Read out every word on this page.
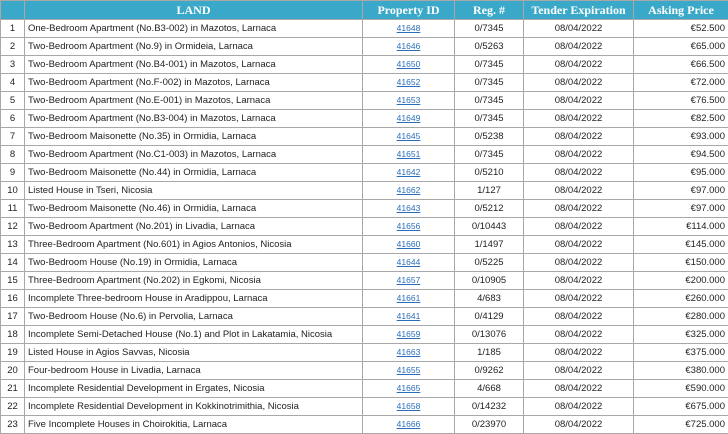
	LAND	Property ID	Reg. #	Tender Expiration	Asking Price
1	One-Bedroom Apartment (No.B3-002) in Mazotos, Larnaca	41648	0/7345	08/04/2022	€52.500
2	Two-Bedroom Apartment (No.9) in Ormideia, Larnaca	41646	0/5263	08/04/2022	€65.000
3	Two-Bedroom Apartment (No.B4-001) in Mazotos, Larnaca	41650	0/7345	08/04/2022	€66.500
4	Two-Bedroom Apartment (No.F-002) in Mazotos, Larnaca	41652	0/7345	08/04/2022	€72.000
5	Two-Bedroom Apartment (No.E-001) in Mazotos, Larnaca	41653	0/7345	08/04/2022	€76.500
6	Two-Bedroom Apartment (No.B3-004) in Mazotos, Larnaca	41649	0/7345	08/04/2022	€82.500
7	Two-Bedroom Maisonette (No.35) in Ormidia, Larnaca	41645	0/5238	08/04/2022	€93.000
8	Two-Bedroom Apartment (No.C1-003) in Mazotos, Larnaca	41651	0/7345	08/04/2022	€94.500
9	Two-Bedroom Maisonette (No.44) in Ormidia, Larnaca	41642	0/5210	08/04/2022	€95.000
10	Listed House in Tseri, Nicosia	41662	1/127	08/04/2022	€97.000
11	Two-Bedroom Maisonette (No.46) in Ormidia, Larnaca	41643	0/5212	08/04/2022	€97.000
12	Two-Bedroom Apartment (No.201) in Livadia, Larnaca	41656	0/10443	08/04/2022	€114.000
13	Three-Bedroom Apartment (No.601) in Agios Antonios, Nicosia	41660	1/1497	08/04/2022	€145.000
14	Two-Bedroom House (No.19) in Ormidia, Larnaca	41644	0/5225	08/04/2022	€150.000
15	Three-Bedroom Apartment (No.202) in Egkomi, Nicosia	41657	0/10905	08/04/2022	€200.000
16	Incomplete Three-bedroom House in Aradippou, Larnaca	41661	4/683	08/04/2022	€260.000
17	Two-Bedroom House (No.6) in Pervolia, Larnaca	41641	0/4129	08/04/2022	€280.000
18	Incomplete Semi-Detached House (No.1) and Plot in Lakatamia, Nicosia	41659	0/13076	08/04/2022	€325.000
19	Listed House in Agios Savvas, Nicosia	41663	1/185	08/04/2022	€375.000
20	Four-bedroom House in Livadia, Larnaca	41655	0/9262	08/04/2022	€380.000
21	Incomplete Residential Development in Ergates, Nicosia	41665	4/668	08/04/2022	€590.000
22	Incomplete Residential Development in Kokkinotrimithia, Nicosia	41658	0/14232	08/04/2022	€675.000
23	Five Incomplete Houses in Choirokitia, Larnaca	41666	0/23970	08/04/2022	€725.000
